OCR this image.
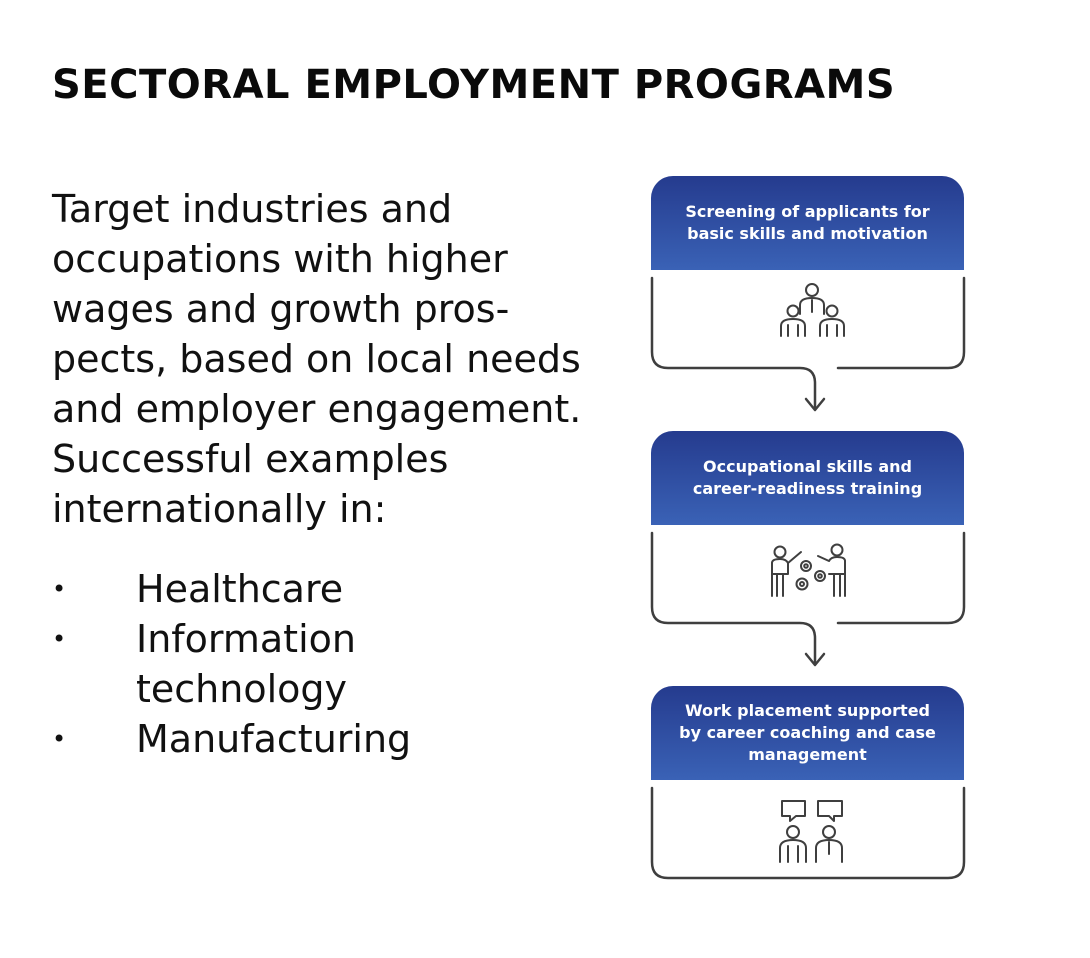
SECTORAL EMPLOYMENT PROGRAMS
Target industries and
occupations with higher
wages and growth pros-
pects, based on local needs
and employer engagement.
Successful examples
internationally in:
• Healthcare
• Information
technology
• Manufacturing
Screening of applicants for
basic skills and motivation
Occupational skills and
career-readiness training
Work placement supported
by career coaching and case
management
